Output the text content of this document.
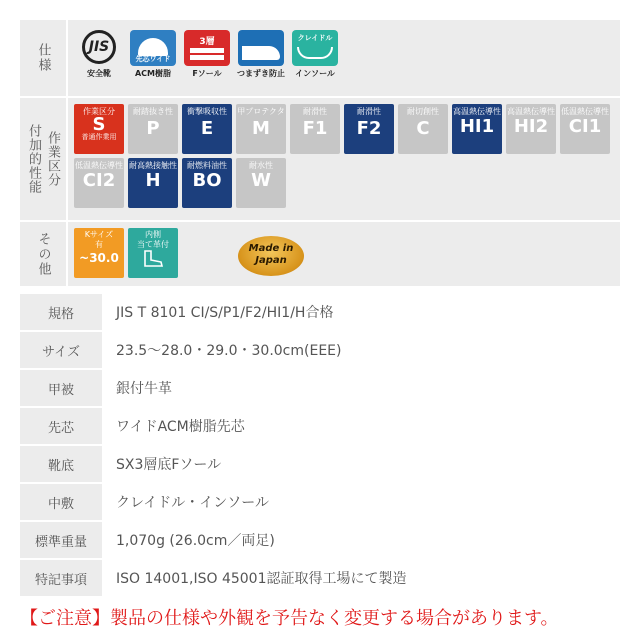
仕様	JIS
安全靴
先芯ワイド
ACM樹脂
3層
Fソール	つまずき防止
クレイドル
インソール
付加的性能 作業区分
作業区分
S
普通作業用
耐踏抜き性
P
衝撃吸収性
E
甲プロテクタ
M
耐滑性
F1
耐滑性
F2
耐切創性
C
高温熱伝導性
HI1
高温熱伝導性
HI2
低温熱伝導性
CI1
低温熱伝導性
CI2
耐高熱接触性
H
耐燃料油性
BO
耐水性
W
その他	Kサイズ
有
~30.0
内側
当て革付	Made in
Japan
規格	JIS T 8101 CⅠ/S/P1/F2/HI1/H合格
サイズ	23.5～28.0・29.0・30.0cm(EEE)
甲被	銀付牛革
先芯	ワイドACM樹脂先芯
靴底	SX3層底Fソール
中敷	クレイドル・インソール
標準重量	1,070g (26.0cm／両足)
特記事項	ISO 14001,ISO 45001認証取得工場にて製造
【ご注意】製品の仕様や外観を予告なく変更する場合があります。
